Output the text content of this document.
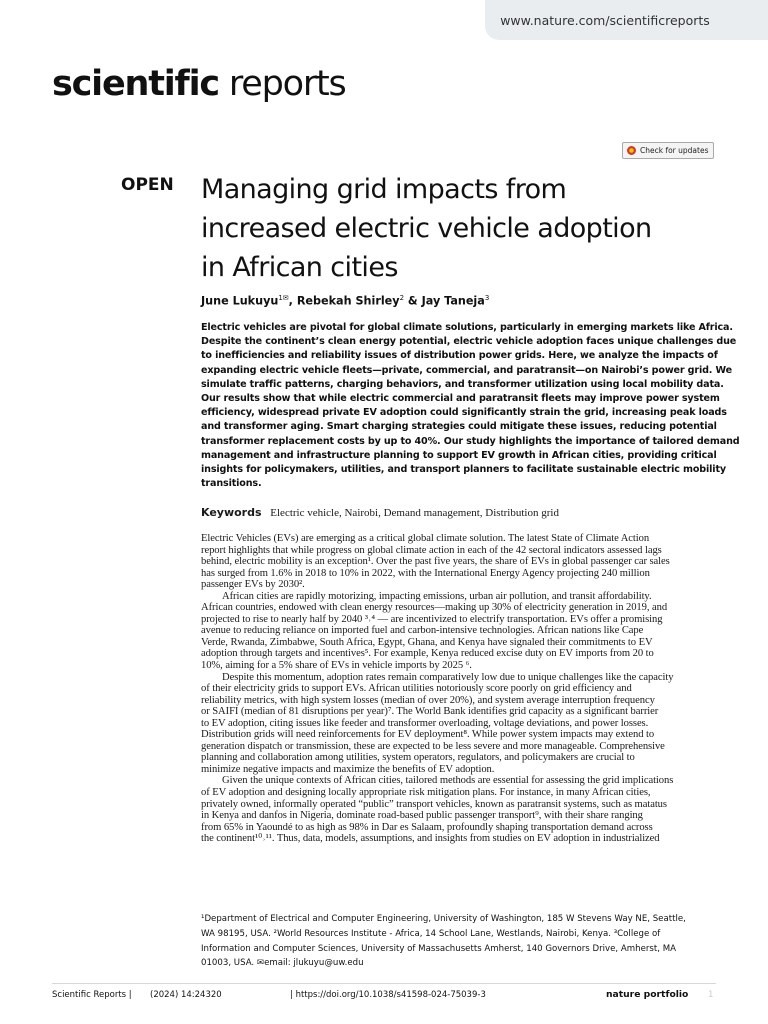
www.nature.com/scientificreports
scientific reports
Check for updates
OPEN Managing grid impacts from
increased electric vehicle adoption
in African cities
June Lukuyu$^{1✉}$, Rebekah Shirley$^2$ & Jay Taneja$^3$
Electric vehicles are pivotal for global climate solutions, particularly in emerging markets like Africa.
Despite the continent’s clean energy potential, electric vehicle adoption faces unique challenges due
to inefficiencies and reliability issues of distribution power grids. Here, we analyze the impacts of
expanding electric vehicle fleets—private, commercial, and paratransit—on Nairobi’s power grid. We
simulate traffic patterns, charging behaviors, and transformer utilization using local mobility data.
Our results show that while electric commercial and paratransit fleets may improve power system
efficiency, widespread private EV adoption could significantly strain the grid, increasing peak loads
and transformer aging. Smart charging strategies could mitigate these issues, reducing potential
transformer replacement costs by up to 40%. Our study highlights the importance of tailored demand
management and infrastructure planning to support EV growth in African cities, providing critical
insights for policymakers, utilities, and transport planners to facilitate sustainable electric mobility
transitions.
Keywords Electric vehicle, Nairobi, Demand management, Distribution grid
Electric Vehicles (EVs) are emerging as a critical global climate solution. The latest State of Climate Action
report highlights that while progress on global climate action in each of the 42 sectoral indicators assessed lags
behind, electric mobility is an exception¹. Over the past five years, the share of EVs in global passenger car sales
has surged from 1.6% in 2018 to 10% in 2022, with the International Energy Agency projecting 240 million
passenger EVs by 2030².
  African cities are rapidly motorizing, impacting emissions, urban air pollution, and transit affordability.
African countries, endowed with clean energy resources—making up 30% of electricity generation in 2019, and
projected to rise to nearly half by 2040 ³˒⁴ — are incentivized to electrify transportation. EVs offer a promising
avenue to reducing reliance on imported fuel and carbon-intensive technologies. African nations like Cape
Verde, Rwanda, Zimbabwe, South Africa, Egypt, Ghana, and Kenya have signaled their commitments to EV
adoption through targets and incentives⁵. For example, Kenya reduced excise duty on EV imports from 20 to
10%, aiming for a 5% share of EVs in vehicle imports by 2025 ⁶.
  Despite this momentum, adoption rates remain comparatively low due to unique challenges like the capacity
of their electricity grids to support EVs. African utilities notoriously score poorly on grid efficiency and
reliability metrics, with high system losses (median of over 20%), and system average interruption frequency
or SAIFI (median of 81 disruptions per year)⁷. The World Bank identifies grid capacity as a significant barrier
to EV adoption, citing issues like feeder and transformer overloading, voltage deviations, and power losses.
Distribution grids will need reinforcements for EV deployment⁸. While power system impacts may extend to
generation dispatch or transmission, these are expected to be less severe and more manageable. Comprehensive
planning and collaboration among utilities, system operators, regulators, and policymakers are crucial to
minimize negative impacts and maximize the benefits of EV adoption.
  Given the unique contexts of African cities, tailored methods are essential for assessing the grid implications
of EV adoption and designing locally appropriate risk mitigation plans. For instance, in many African cities,
privately owned, informally operated “public” transport vehicles, known as paratransit systems, such as matatus
in Kenya and danfos in Nigeria, dominate road-based public passenger transport⁹, with their share ranging
from 65% in Yaoundé to as high as 98% in Dar es Salaam, profoundly shaping transportation demand across
the continent¹⁰˒¹¹. Thus, data, models, assumptions, and insights from studies on EV adoption in industrialized
¹Department of Electrical and Computer Engineering, University of Washington, 185 W Stevens Way NE, Seattle,
WA 98195, USA. ²World Resources Institute - Africa, 14 School Lane, Westlands, Nairobi, Kenya. ³College of
Information and Computer Sciences, University of Massachusetts Amherst, 140 Governors Drive, Amherst, MA
01003, USA. ✉email: jlukuyu@uw.edu
Scientific Reports | (2024) 14:24320	| https://doi.org/10.1038/s41598-024-75039-3	nature portfolio 1
